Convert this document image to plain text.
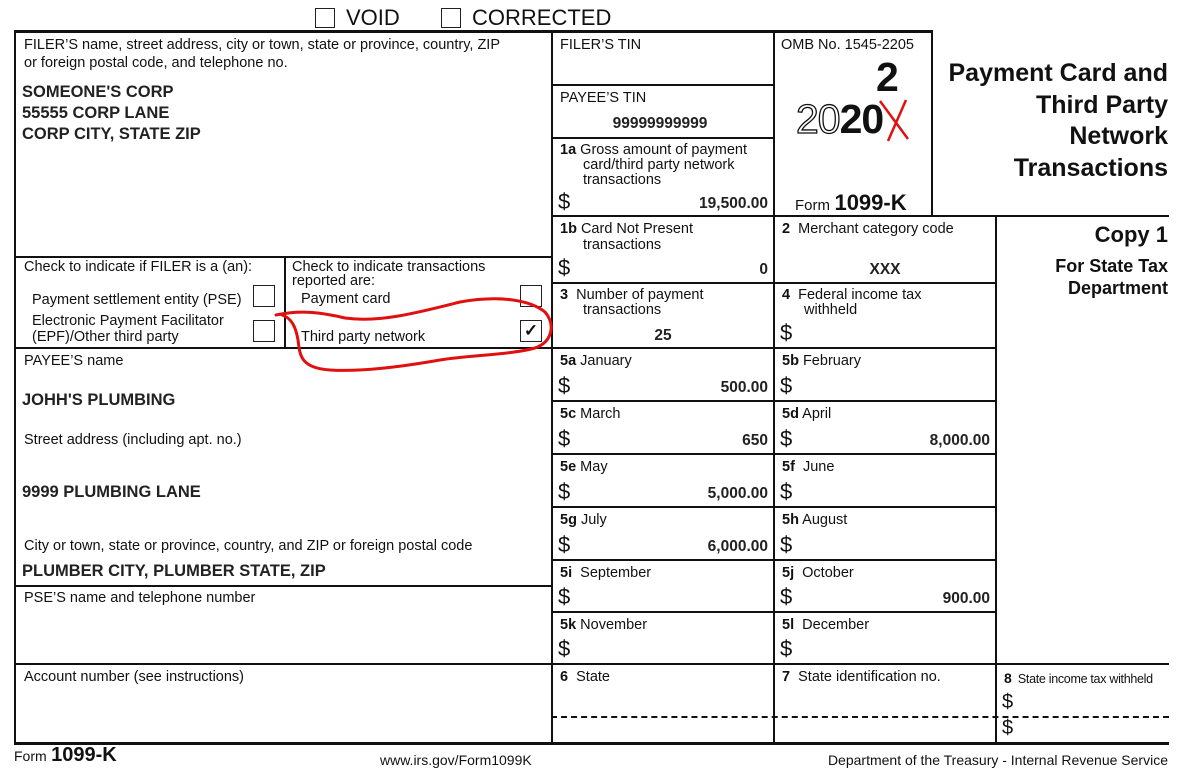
VOID	CORRECTED
FILER’S name, street address, city or town, state or province, country, ZIP
or foreign postal code, and telephone no.
SOMEONE'S CORP
55555 CORP LANE
CORP CITY, STATE ZIP
FILER’S TIN
PAYEE’S TIN
99999999999
1a Gross amount of payment
card/third party network
transactions
$	19,500.00
OMB No. 1545-2205
2020
2
Form 1099-K
Payment Card and
Third Party
Network
Transactions
Copy 1
For State Tax
Department
Check to indicate if FILER is a (an):
Payment settlement entity (PSE)
Electronic Payment Facilitator
(EPF)/Other third party
Check to indicate transactions
reported are:
Payment card
Third party network	✓
1b Card Not Present
transactions
$	0
2 Merchant category code
XXX
3 Number of payment
transactions
25
4 Federal income tax
withheld
$
5a January
$	500.00
5b February
$
5c March
$	650
5d April
$	8,000.00
5e May
$	5,000.00
5f June
$
5g July
$	6,000.00
5h August
$
5i September
$
5j October
$	900.00
5k November
$
5l December
$
6 State	7 State identification no.	8 State income tax withheld
$
$
PAYEE’S name
JOHH'S PLUMBING
Street address (including apt. no.)
9999 PLUMBING LANE
City or town, state or province, country, and ZIP or foreign postal code
PLUMBER CITY, PLUMBER STATE, ZIP
PSE’S name and telephone number
Account number (see instructions)
Form 1099-K	www.irs.gov/Form1099K	Department of the Treasury - Internal Revenue Service
